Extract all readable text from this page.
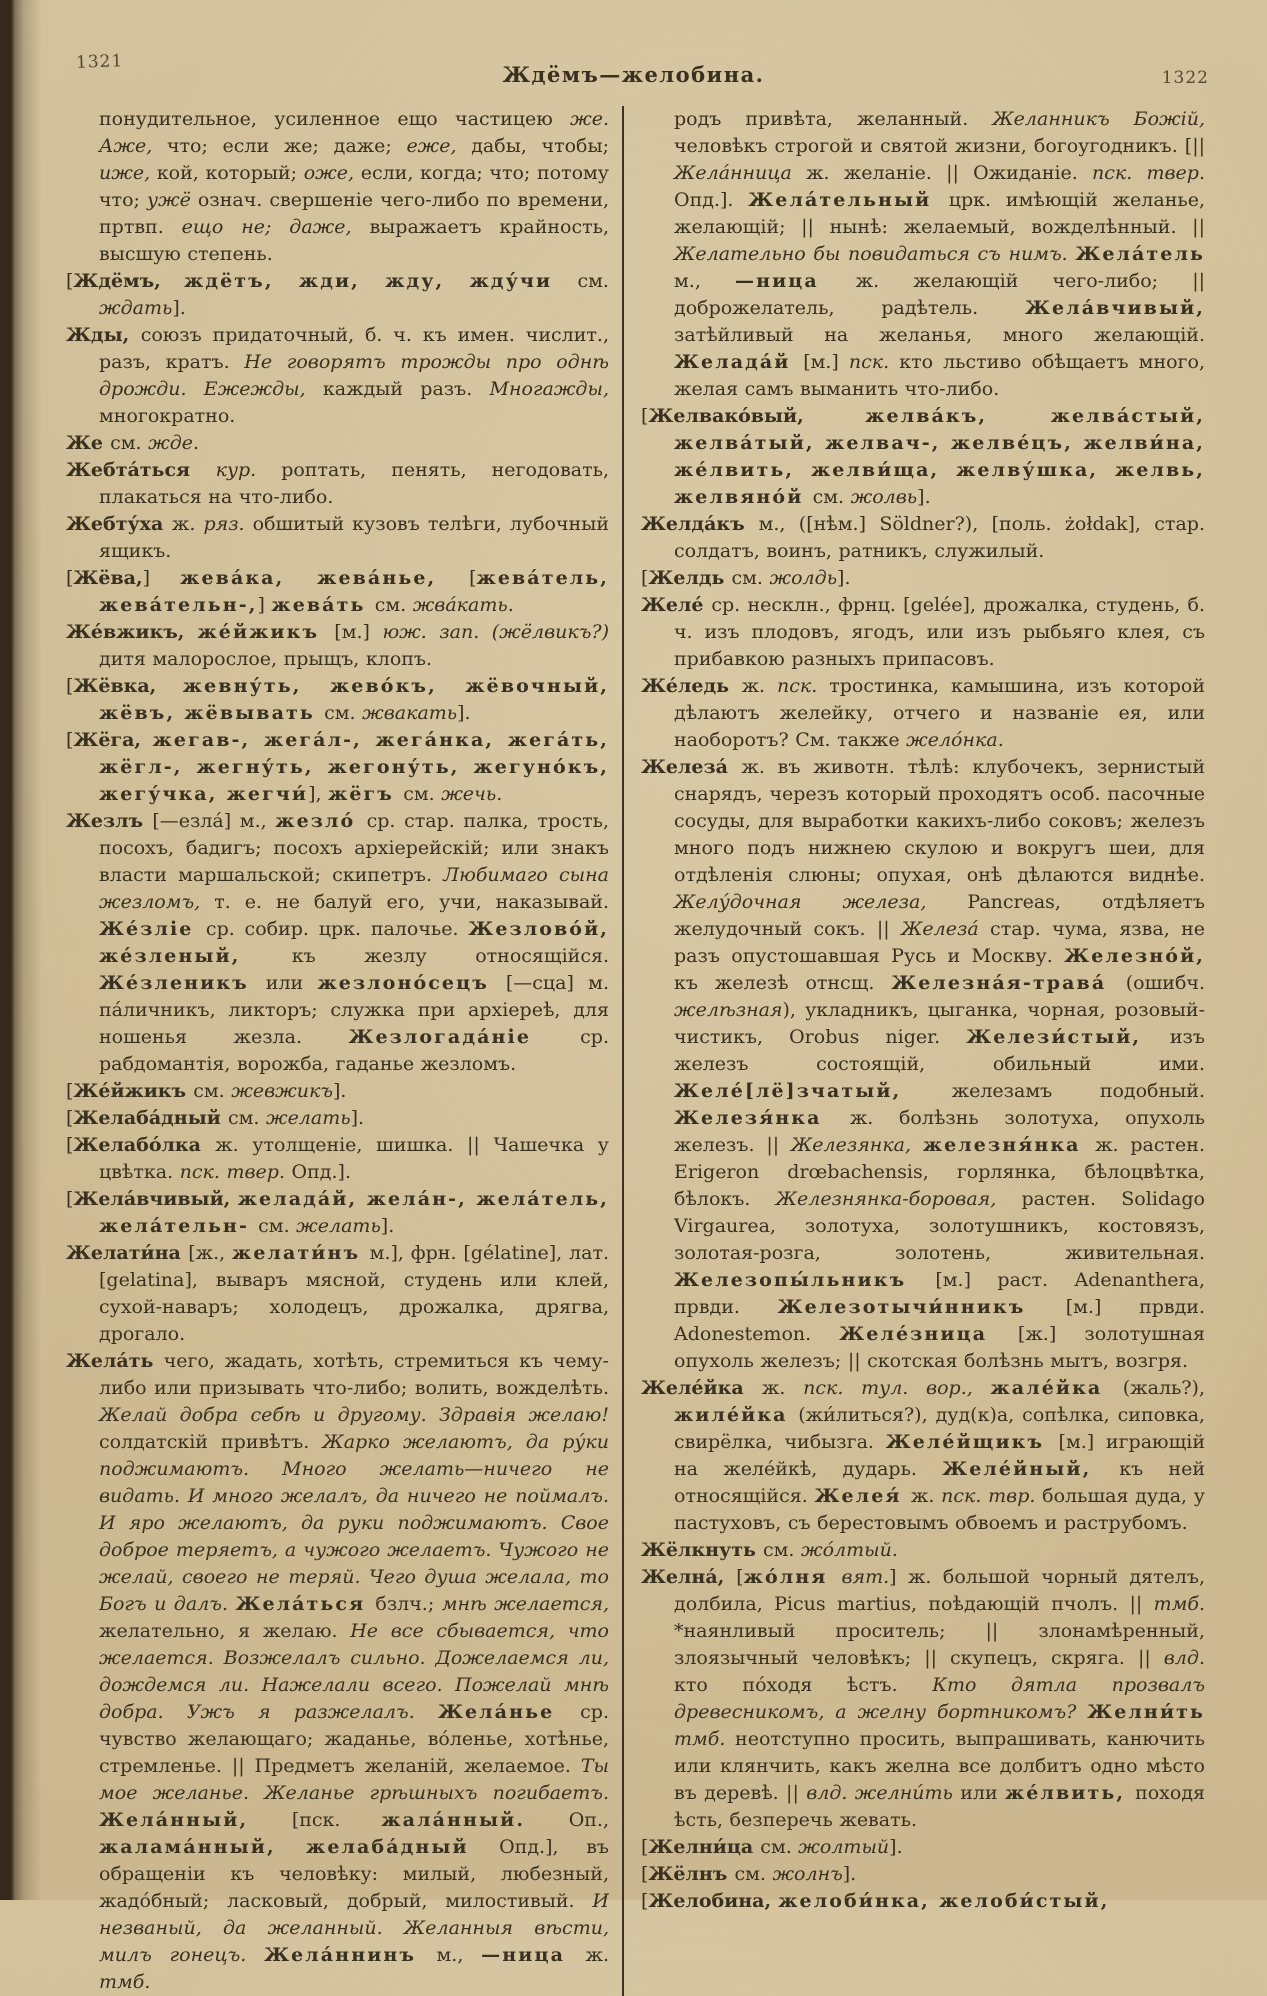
1321	Ждёмъ—желобина.	1322

понудительное, усиленное ещо частицею же. Аже, что; если же; даже; еже, дабы, чтобы; иже, кой, который; оже, если, когда; что; потому что; ужё означ. свершеніе чего-либо по времени, пртвп. ещо не; даже, выражаетъ крайность, высшую степень.

[Ждёмъ, ждётъ, жди, жду, жду́чи см. ждать].

Жды, союзъ придаточный, б. ч. къ имен. числит., разъ, кратъ. Не говорятъ трожды про однѣ дрожди. Ежежды, каждый разъ. Многажды, многократно.

Же см. жде.

Жебта́ться кур. роптать, пенять, негодовать, плакаться на что-либо.

Жебту́ха ж. ряз. обшитый кузовъ телѣги, лубочный ящикъ.

[Жёва,] жева́ка, жева́нье, [жева́тель, жева́тельн-,] жева́ть см. жва́кать.

Же́вжикъ, же́йжикъ [м.] юж. зап. (жёлвикъ?) дитя малорослое, прыщъ, клопъ.

[Жёвка, жевну́ть, жево́къ, жёвочный, жёвъ, жёвывать см. жвакать].

[Жёга, жегав-, жега́л-, жега́нка, жега́ть, жёгл-, жегну́ть, жегону́ть, жегуно́къ, жегу́чка, жегчи́], жёгъ см. жечь.

Жезлъ [—езла́] м., жезло́ ср. стар. палка, трость, посохъ, бадигъ; посохъ архіерейскій; или знакъ власти маршальской; скипетръ. Любимаго сына жезломъ, т. е. не балуй его, учи, наказывай. Же́зліе ср. собир. црк. палочье. Жезлово́й, же́зленый, къ жезлу относящійся. Же́зленикъ или жезлоно́сецъ [—сца] м. па́личникъ, ликторъ; служка при архіереѣ, для ношенья жезла. Жезлогада́ніе ср. рабдомантія, ворожба, гаданье жезломъ.

[Же́йжикъ см. жевжикъ].

[Желаба́дный см. желать].

[Желабо́лка ж. утолщеніе, шишка. || Чашечка у цвѣтка. пск. твер. Опд.].

[Жела́вчивый, желада́й, жела́н-, жела́тель, жела́тельн- см. желать].

Желати́на [ж., желати́нъ м.], фрн. [gélatine], лат. [gelatina], вываръ мясной, студень или клей, сухой-наваръ; холодецъ, дрожалка, дрягва, дрогало.

Жела́ть чего, жадать, хотѣть, стремиться къ чему-либо или призывать что-либо; волить, вожделѣть. Желай добра себѣ и другому. Здравія желаю! солдатскій привѣтъ. Жарко желаютъ, да ру́ки поджимаютъ. Много желать—ничего не видать. И много желалъ, да ничего не поймалъ. И яро желаютъ, да руки поджимаютъ. Свое доброе теряетъ, а чужого желаетъ. Чужого не желай, своего не теряй. Чего душа желала, то Богъ и далъ. Жела́ться бзлч.; мнѣ желается, желательно, я желаю. Не все сбывается, что желается. Возжелалъ сильно. Дожелаемся ли, дождемся ли. Нажелали всего. Пожелай мнѣ добра. Ужъ я разжелалъ. Жела́нье ср. чувство желающаго; жаданье, во́ленье, хотѣнье, стремленье. || Предметъ желаній, желаемое. Ты мое желанье. Желанье грѣшныхъ погибаетъ. Жела́нный, [пск. жала́нный. Оп., жалама́нный, желаба́дный Опд.], въ обращеніи къ человѣку: милый, любезный, жадо́бный; ласковый, добрый, милостивый. И незваный, да желанный. Желанныя вѣсти, милъ гонецъ. Жела́ннинъ м., —ница ж. тмб.

родъ привѣта, желанный. Желанникъ Божій, человѣкъ строгой и святой жизни, богоугодникъ. [|| Жела́нница ж. желаніе. || Ожиданіе. пск. твер. Опд.]. Жела́тельный црк. имѣющій желанье, желающій; || нынѣ: желаемый, вожделѣнный. || Желательно бы повидаться съ нимъ. Жела́тель м., —ница ж. желающій чего-либо; || доброжелатель, радѣтель. Жела́вчивый, затѣйливый на желанья, много желающій. Желада́й [м.] пск. кто льстиво обѣщаетъ много, желая самъ выманить что-либо.

[Желвако́вый, желва́къ, желва́стый, желва́тый, желвач-, желве́цъ, желви́на, же́лвить, желви́ща, желву́шка, желвь, желвяно́й см. жолвь].

Желда́къ м., ([нѣм.] Söldner?), [поль. żołdak], стар. солдатъ, воинъ, ратникъ, служилый.

[Желдь см. жолдь].

Желе́ ср. несклн., фрнц. [gelée], дрожалка, студень, б. ч. изъ плодовъ, ягодъ, или изъ рыбьяго клея, съ прибавкою разныхъ припасовъ.

Же́ледь ж. пск. тростинка, камышина, изъ которой дѣлаютъ желейку, отчего и названіе ея, или наоборотъ? См. также жело́нка.

Железа́ ж. въ животн. тѣлѣ: клубочекъ, зернистый снарядъ, черезъ который проходятъ особ. пасочные сосуды, для выработки какихъ-либо соковъ; железъ много подъ нижнею скулою и вокругъ шеи, для отдѣленія слюны; опухая, онѣ дѣлаются виднѣе. Желу́дочная железа, Pancreas, отдѣляетъ желудочный сокъ. || Железа́ стар. чума, язва, не разъ опустошавшая Русь и Москву. Железно́й, къ железѣ отнсщ. Железна́я-трава́ (ошибч. желѣзная), укладникъ, цыганка, чорная, розовый-чистикъ, Orobus niger. Желези́стый, изъ железъ состоящій, обильный ими. Желе́[лё]зчатый, железамъ подобный. Железя́нка ж. болѣзнь золотуха, опухоль железъ. || Железянка, железня́нка ж. растен. Erigeron drœbachensis, горлянка, бѣлоцвѣтка, бѣлокъ. Железнянка-боровая, растен. Solidago Virgaurea, золотуха, золотушникъ, костовязъ, золотая-розга, золотень, живительная. Железопы́льникъ [м.] раст. Adenanthera, првди. Железотычи́нникъ [м.] првди. Adonestemon. Желе́зница [ж.] золотушная опухоль железъ; || скотская болѣзнь мытъ, возгря.

Желе́йка ж. пск. тул. вор., жале́йка (жаль?), жиле́йка (жи́литься?), дуд(к)а, сопѣлка, сиповка, свирёлка, чибызга. Желе́йщикъ [м.] играющій на желе́йкѣ, дударь. Желе́йный, къ ней относящійся. Желея́ ж. пск. твр. большая дуда, у пастуховъ, съ берестовымъ обвоемъ и раструбомъ.

Жёлкнуть см. жо́лтый.

Желна́, [жо́лня вят.] ж. большой чорный дятелъ, долбила, Picus martius, поѣдающій пчолъ. || тмб. *наянливый проситель; || злонамѣренный, злоязычный человѣкъ; || скупецъ, скряга. || влд. кто по́ходя ѣстъ. Кто дятла прозвалъ древесникомъ, а желну бортникомъ? Желни́ть тмб. неотступно просить, выпрашивать, канючить или клянчить, какъ желна все долбитъ одно мѣсто въ деревѣ. || влд. желни́ть или же́лвить, походя ѣсть, безперечь жевать.

[Желни́ца см. жолтый].

[Жёлнъ см. жолнъ].

[Желобина, желоби́нка, желоби́стый,
